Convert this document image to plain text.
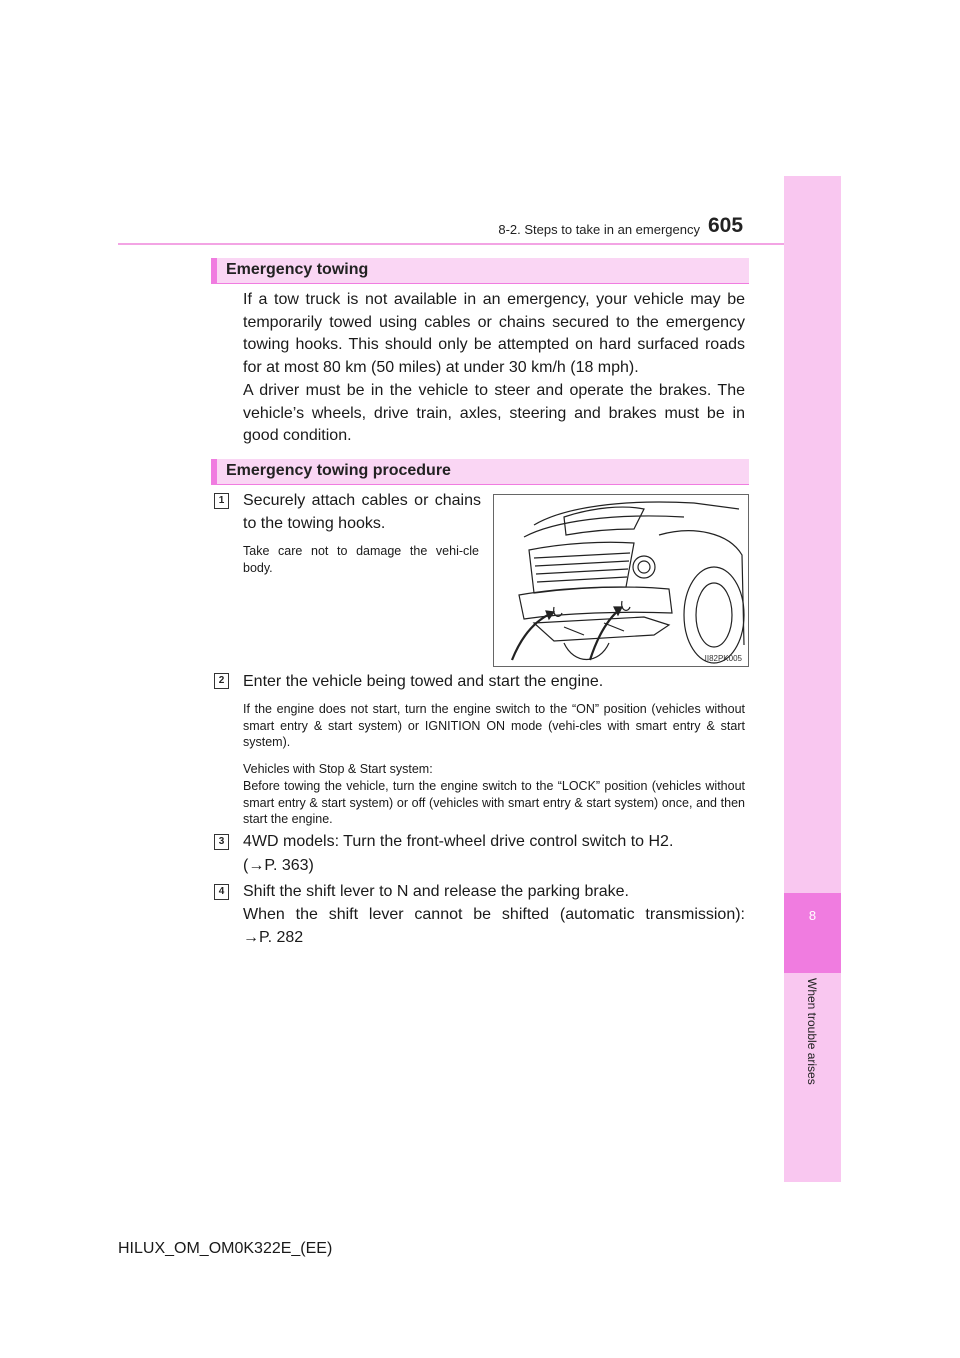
8
When trouble arises
8-2. Steps to take in an emergency 605
Emergency towing
If a tow truck is not available in an emergency, your vehicle may be temporarily towed using cables or chains secured to the emergency towing hooks. This should only be attempted on hard surfaced roads for at most 80 km (50 miles) at under 30 km/h (18 mph).
A driver must be in the vehicle to steer and operate the brakes. The vehicle’s wheels, drive train, axles, steering and brakes must be in good condition.
Emergency towing procedure
1 Securely attach cables or chains to the towing hooks.
Take care not to damage the vehi-cle body.
II82PK005
2 Enter the vehicle being towed and start the engine.
If the engine does not start, turn the engine switch to the “ON” position (vehicles without smart entry & start system) or IGNITION ON mode (vehi-cles with smart entry & start system).
Vehicles with Stop & Start system:
Before towing the vehicle, turn the engine switch to the “LOCK” position (vehicles without smart entry & start system) or off (vehicles with smart entry & start system) once, and then start the engine.
3 4WD models: Turn the front-wheel drive control switch to H2.
(→P. 363)
4 Shift the shift lever to N and release the parking brake.
When the shift lever cannot be shifted (automatic transmission):
→P. 282
HILUX_OM_OM0K322E_(EE)
